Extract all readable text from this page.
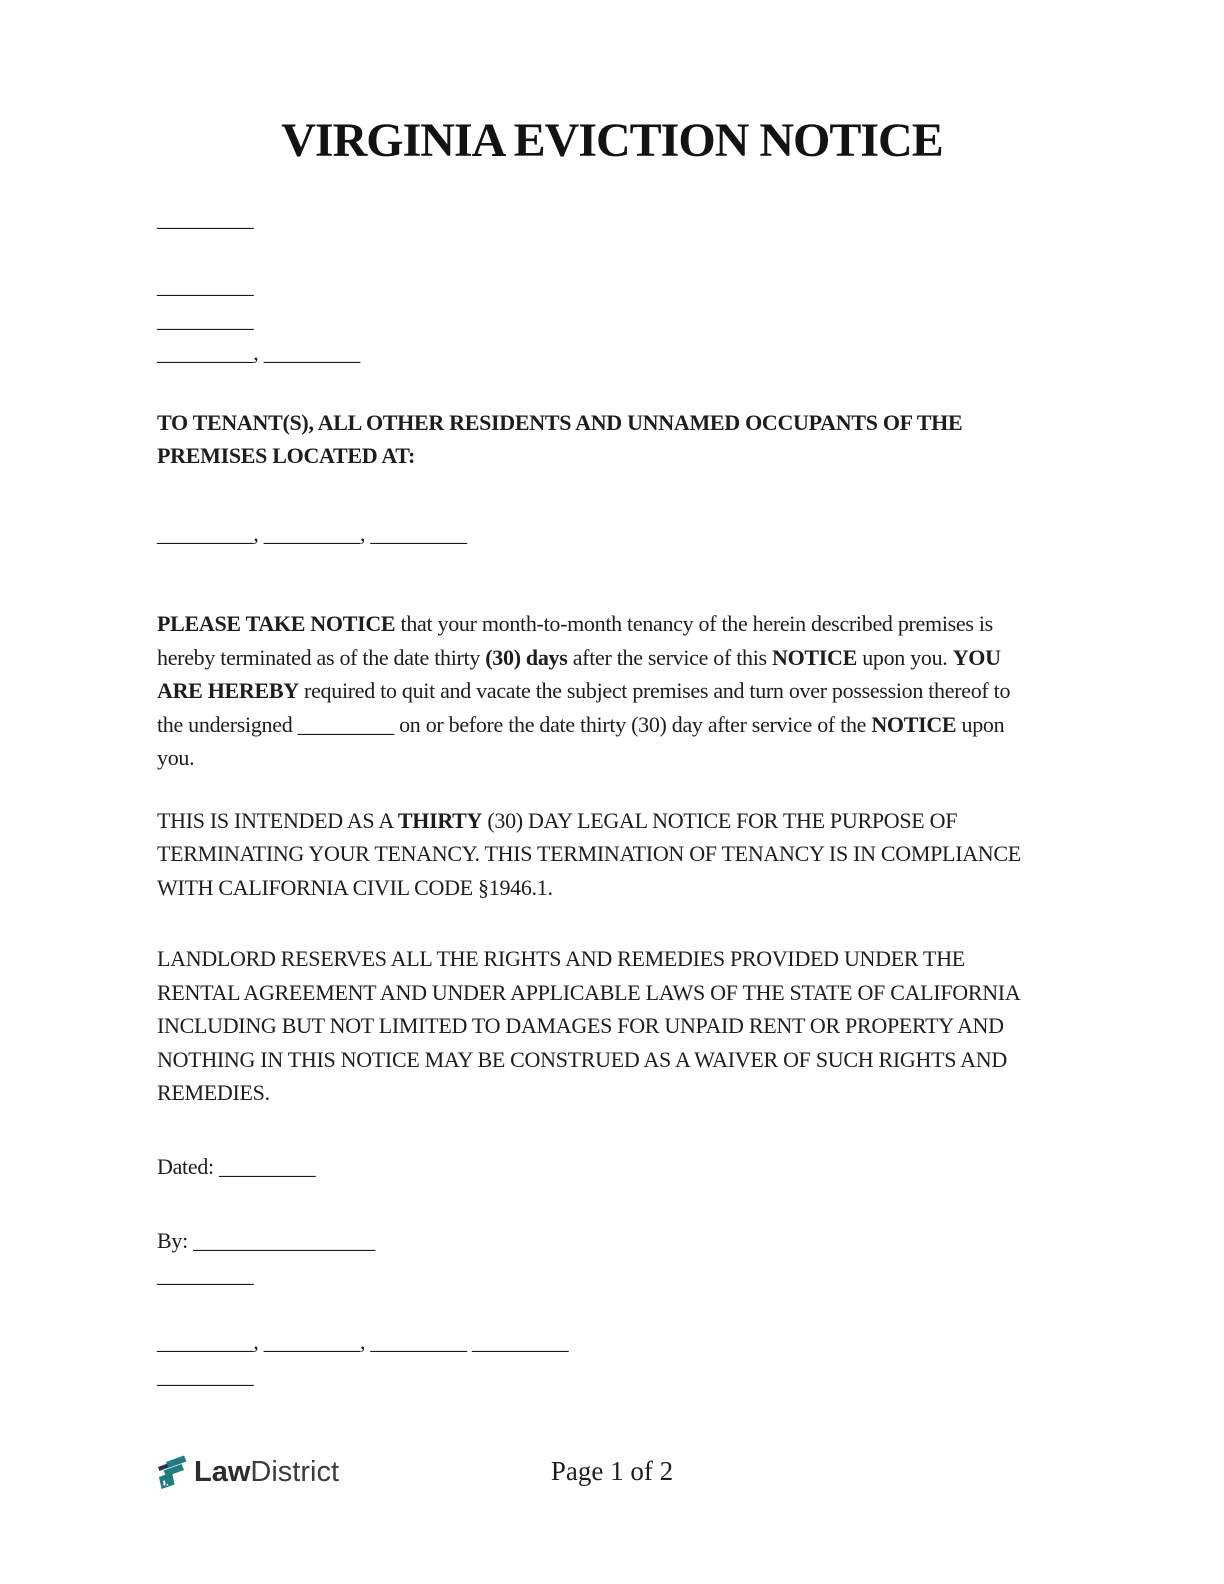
VIRGINIA EVICTION NOTICE

_________

_________

_________

_________, _________

TO TENANT(S), ALL OTHER RESIDENTS AND UNNAMED OCCUPANTS OF THE PREMISES LOCATED AT:

_________, _________, _________

PLEASE TAKE NOTICE that your month-to-month tenancy of the herein described premises is hereby terminated as of the date thirty (30) days after the service of this NOTICE upon you. YOU ARE HEREBY required to quit and vacate the subject premises and turn over possession thereof to the undersigned _________ on or before the date thirty (30) day after service of the NOTICE upon you.

THIS IS INTENDED AS A THIRTY (30) DAY LEGAL NOTICE FOR THE PURPOSE OF TERMINATING YOUR TENANCY. THIS TERMINATION OF TENANCY IS IN COMPLIANCE WITH CALIFORNIA CIVIL CODE §1946.1.

LANDLORD RESERVES ALL THE RIGHTS AND REMEDIES PROVIDED UNDER THE RENTAL AGREEMENT AND UNDER APPLICABLE LAWS OF THE STATE OF CALIFORNIA INCLUDING BUT NOT LIMITED TO DAMAGES FOR UNPAID RENT OR PROPERTY AND NOTHING IN THIS NOTICE MAY BE CONSTRUED AS A WAIVER OF SUCH RIGHTS AND REMEDIES.

Dated: _________

By: _________________

_________

_________, _________, _________ _________

_________

Law District	Page 1 of 2
